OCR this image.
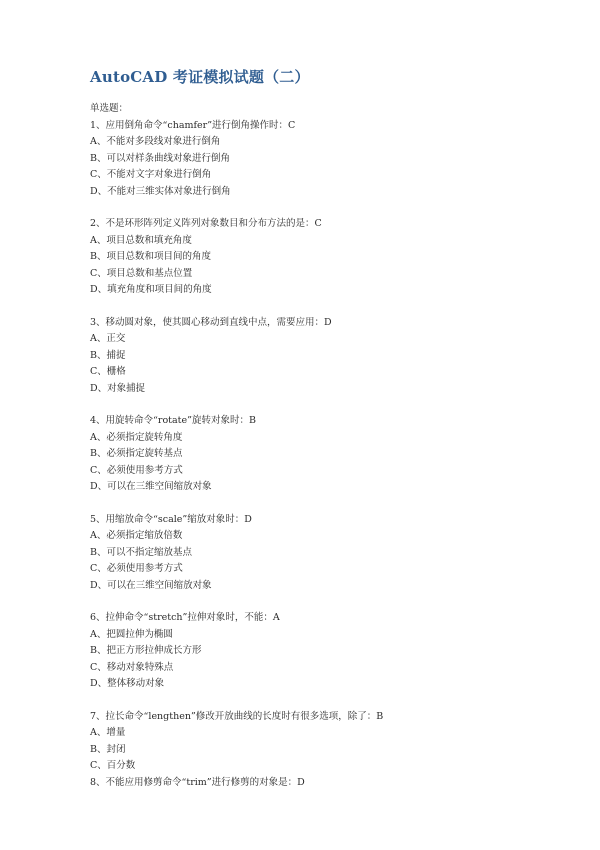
AutoCAD 考证模拟试题（二）
单选题：
1、应用倒角命令“chamfer”进行倒角操作时：C
A、不能对多段线对象进行倒角
B、可以对样条曲线对象进行倒角
C、不能对文字对象进行倒角
D、不能对三维实体对象进行倒角
2、不是环形阵列定义阵列对象数目和分布方法的是：C
A、项目总数和填充角度
B、项目总数和项目间的角度
C、项目总数和基点位置
D、填充角度和项目间的角度
3、移动圆对象，使其圆心移动到直线中点，需要应用：D
A、正交
B、捕捉
C、栅格
D、对象捕捉
4、用旋转命令“rotate”旋转对象时：B
A、必须指定旋转角度
B、必须指定旋转基点
C、必须使用参考方式
D、可以在三维空间缩放对象
5、用缩放命令“scale”缩放对象时：D
A、必须指定缩放倍数
B、可以不指定缩放基点
C、必须使用参考方式
D、可以在三维空间缩放对象
6、拉伸命令“stretch”拉伸对象时，不能：A
A、把圆拉伸为椭圆
B、把正方形拉伸成长方形
C、移动对象特殊点
D、整体移动对象
7、拉长命令“lengthen”修改开放曲线的长度时有很多选项，除了：B
A、增量
B、封闭
C、百分数
8、不能应用修剪命令“trim”进行修剪的对象是：D
